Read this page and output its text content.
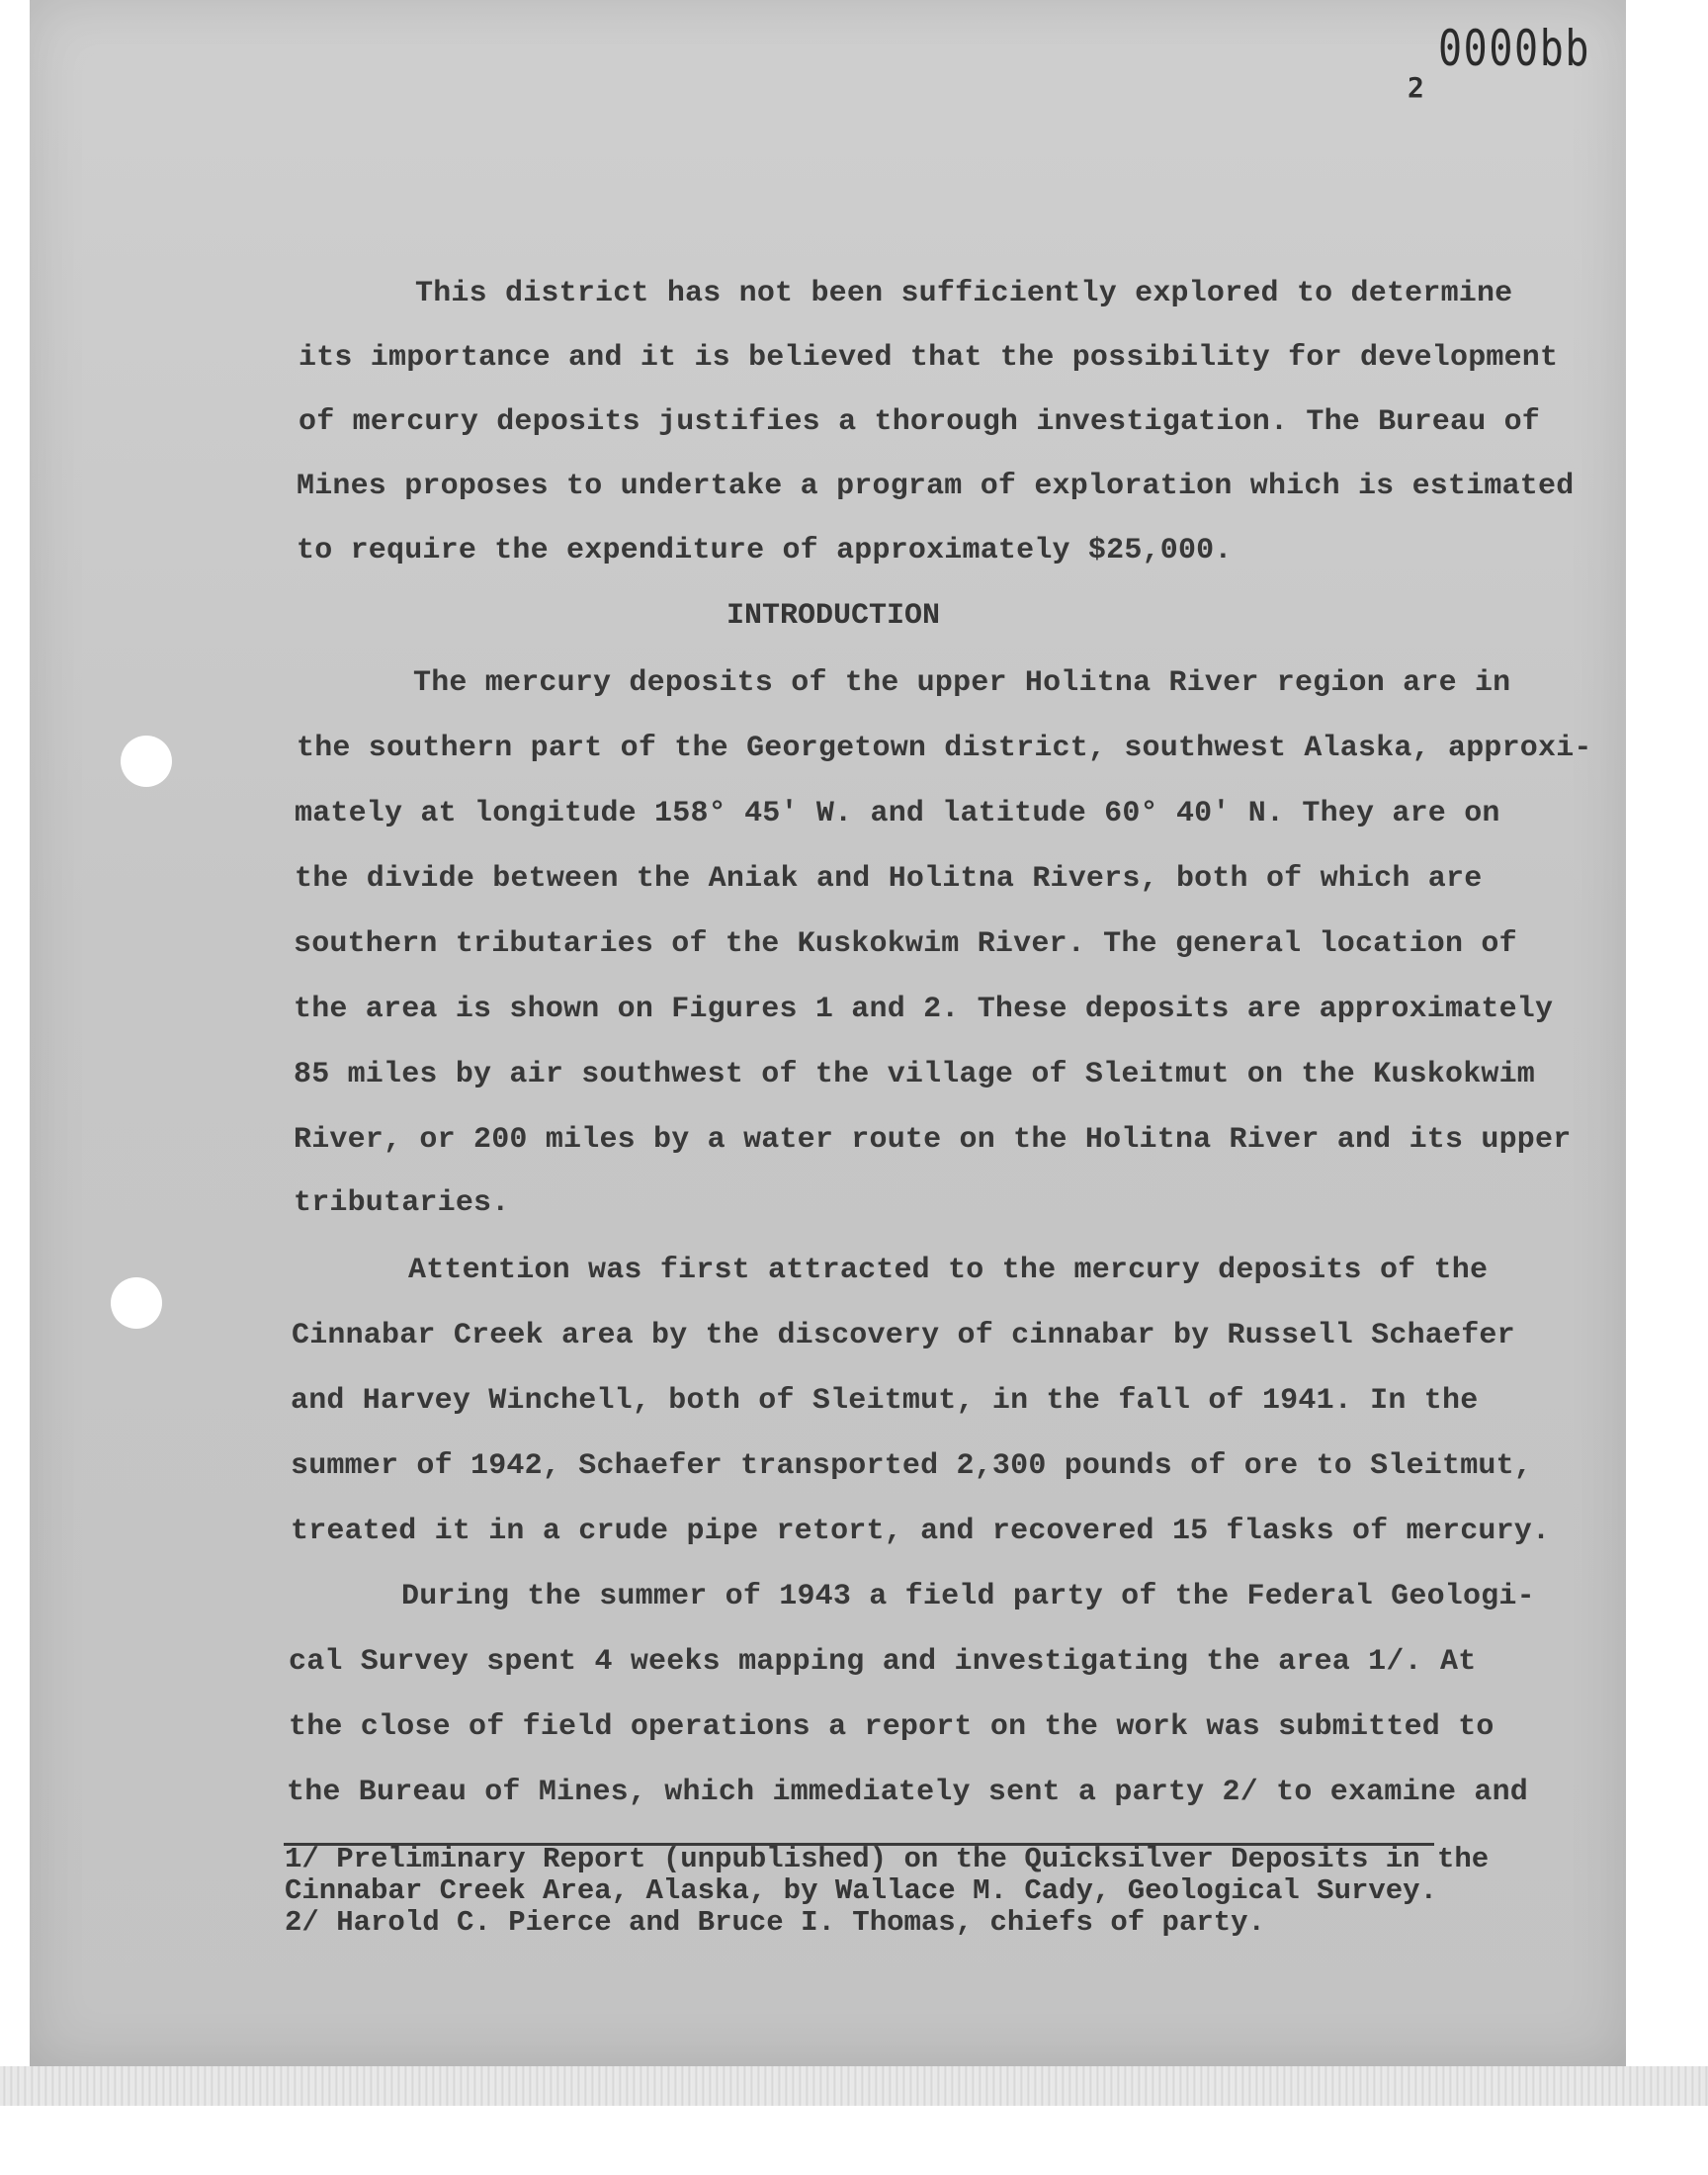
0000bb
2
This district has not been sufficiently explored to determine
its importance and it is believed that the possibility for development
of mercury deposits justifies a thorough investigation. The Bureau of
Mines proposes to undertake a program of exploration which is estimated
to require the expenditure of approximately $25,000.
INTRODUCTION
The mercury deposits of the upper Holitna River region are in
the southern part of the Georgetown district, southwest Alaska, approxi-
mately at longitude 158° 45' W. and latitude 60° 40' N. They are on
the divide between the Aniak and Holitna Rivers, both of which are
southern tributaries of the Kuskokwim River. The general location of
the area is shown on Figures 1 and 2. These deposits are approximately
85 miles by air southwest of the village of Sleitmut on the Kuskokwim
River, or 200 miles by a water route on the Holitna River and its upper
tributaries.
Attention was first attracted to the mercury deposits of the
Cinnabar Creek area by the discovery of cinnabar by Russell Schaefer
and Harvey Winchell, both of Sleitmut, in the fall of 1941. In the
summer of 1942, Schaefer transported 2,300 pounds of ore to Sleitmut,
treated it in a crude pipe retort, and recovered 15 flasks of mercury.
During the summer of 1943 a field party of the Federal Geologi-
cal Survey spent 4 weeks mapping and investigating the area 1/. At
the close of field operations a report on the work was submitted to
the Bureau of Mines, which immediately sent a party 2/ to examine and
1/ Preliminary Report (unpublished) on the Quicksilver Deposits in the
Cinnabar Creek Area, Alaska, by Wallace M. Cady, Geological Survey.
2/ Harold C. Pierce and Bruce I. Thomas, chiefs of party.
